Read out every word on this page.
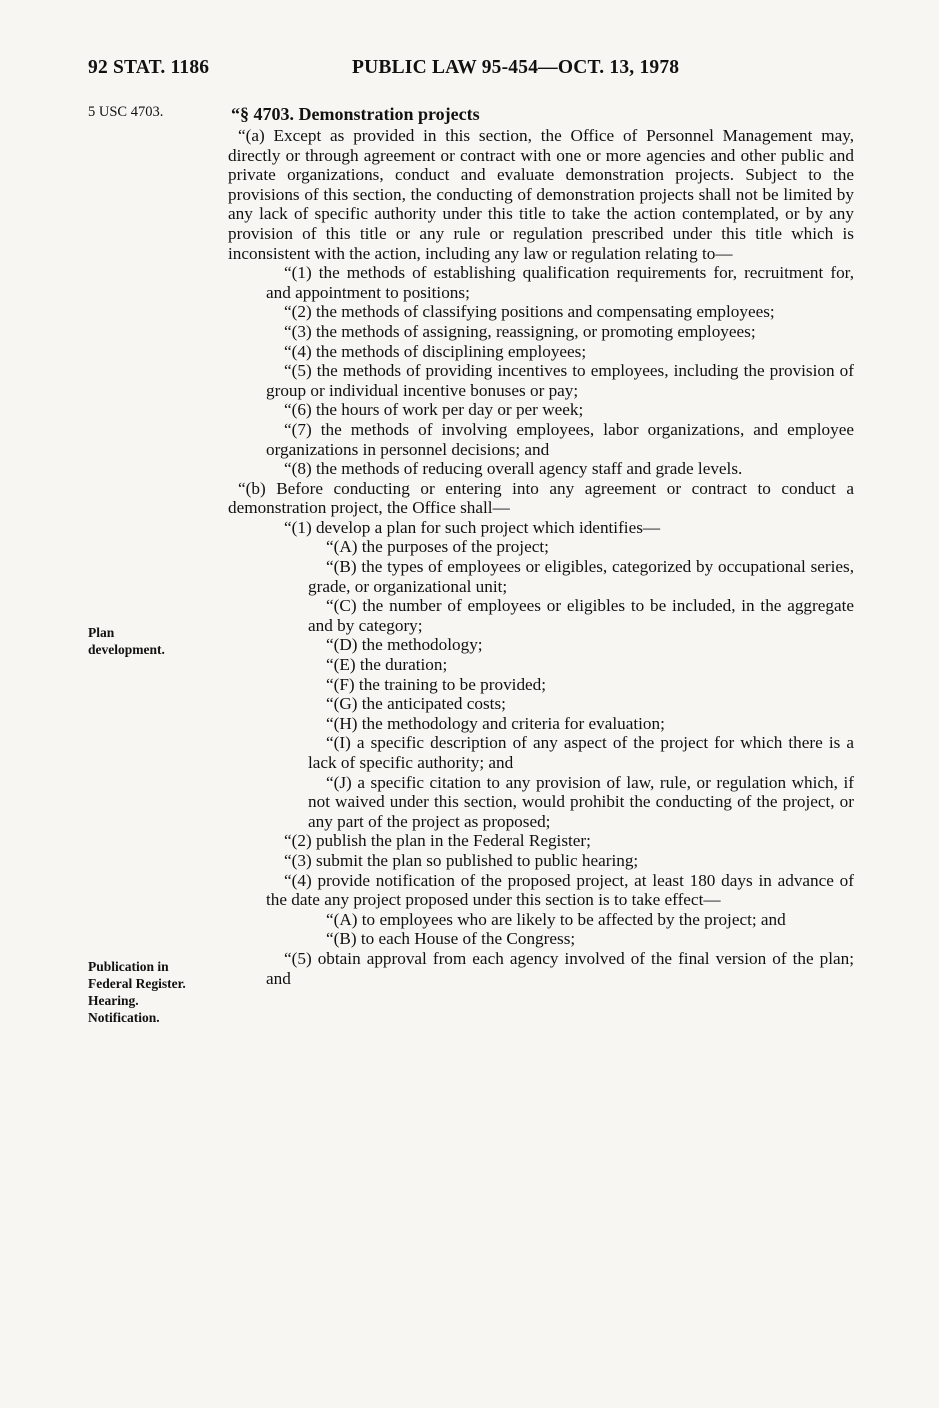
92 STAT. 1186	PUBLIC LAW 95-454—OCT. 13, 1978
5 USC 4703.
Plan
development.
Publication in
Federal Register.
Hearing.
Notification.
“§ 4703. Demonstration projects

“(a) Except as provided in this section, the Office of Personnel Management may, directly or through agreement or contract with one or more agencies and other public and private organizations, conduct and evaluate demonstration projects. Subject to the provisions of this section, the conducting of demonstration projects shall not be limited by any lack of specific authority under this title to take the action contemplated, or by any provision of this title or any rule or regulation prescribed under this title which is inconsistent with the action, including any law or regulation relating to—

“(1) the methods of establishing qualification requirements for, recruitment for, and appointment to positions;

“(2) the methods of classifying positions and compensating employees;

“(3) the methods of assigning, reassigning, or promoting employees;

“(4) the methods of disciplining employees;

“(5) the methods of providing incentives to employees, including the provision of group or individual incentive bonuses or pay;

“(6) the hours of work per day or per week;

“(7) the methods of involving employees, labor organizations, and employee organizations in personnel decisions; and

“(8) the methods of reducing overall agency staff and grade levels.

“(b) Before conducting or entering into any agreement or contract to conduct a demonstration project, the Office shall—

“(1) develop a plan for such project which identifies—

“(A) the purposes of the project;

“(B) the types of employees or eligibles, categorized by occupational series, grade, or organizational unit;

“(C) the number of employees or eligibles to be included, in the aggregate and by category;

“(D) the methodology;

“(E) the duration;

“(F) the training to be provided;

“(G) the anticipated costs;

“(H) the methodology and criteria for evaluation;

“(I) a specific description of any aspect of the project for which there is a lack of specific authority; and

“(J) a specific citation to any provision of law, rule, or regulation which, if not waived under this section, would prohibit the conducting of the project, or any part of the project as proposed;

“(2) publish the plan in the Federal Register;

“(3) submit the plan so published to public hearing;

“(4) provide notification of the proposed project, at least 180 days in advance of the date any project proposed under this section is to take effect—

“(A) to employees who are likely to be affected by the project; and

“(B) to each House of the Congress;

“(5) obtain approval from each agency involved of the final version of the plan; and
